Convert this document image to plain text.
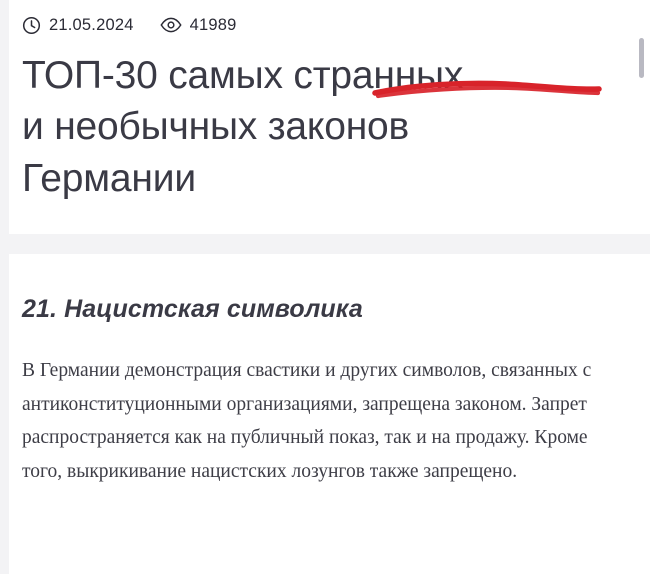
21.05.2024	41989
ТОП-30 самых странных
и необычных законов
Германии
21. Нацистская символика

В Германии демонстрация свастики и других символов, связанных с антиконституционными организациями, запрещена законом. Запрет распространяется как на публичный показ, так и на продажу. Кроме того, выкрикивание нацистских лозунгов также запрещено.
